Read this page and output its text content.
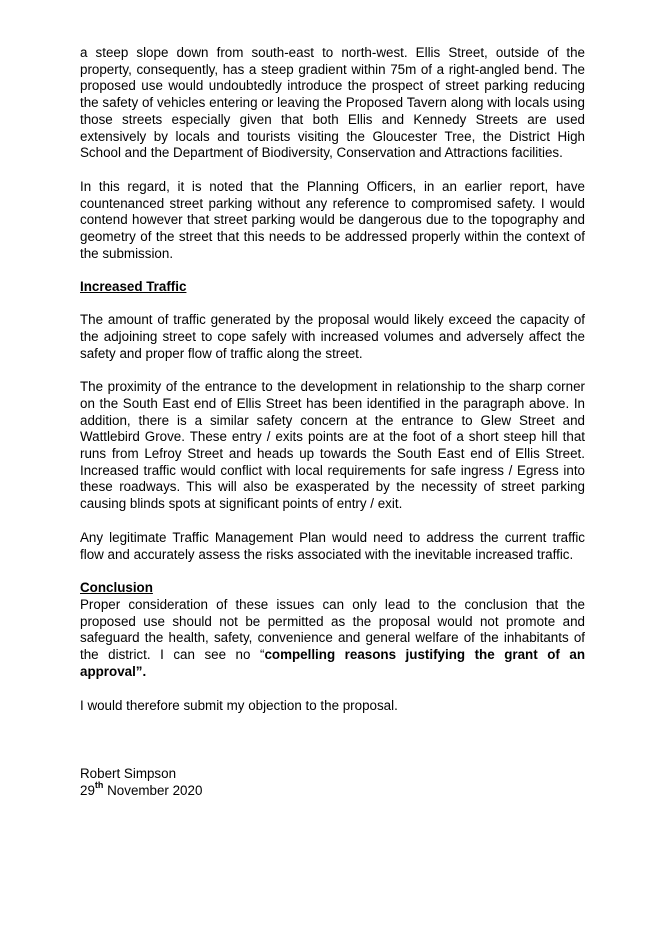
a steep slope down from south-east to north-west. Ellis Street, outside of the property, consequently, has a steep gradient within 75m of a right-angled bend. The proposed use would undoubtedly introduce the prospect of street parking reducing the safety of vehicles entering or leaving the Proposed Tavern along with locals using those streets especially given that both Ellis and Kennedy Streets are used extensively by locals and tourists visiting the Gloucester Tree, the District High School and the Department of Biodiversity, Conservation and Attractions facilities.

In this regard, it is noted that the Planning Officers, in an earlier report, have countenanced street parking without any reference to compromised safety. I would contend however that street parking would be dangerous due to the topography and geometry of the street that this needs to be addressed properly within the context of the submission.

Increased Traffic

The amount of traffic generated by the proposal would likely exceed the capacity of the adjoining street to cope safely with increased volumes and adversely affect the safety and proper flow of traffic along the street.

The proximity of the entrance to the development in relationship to the sharp corner on the South East end of Ellis Street has been identified in the paragraph above. In addition, there is a similar safety concern at the entrance to Glew Street and Wattlebird Grove. These entry / exits points are at the foot of a short steep hill that runs from Lefroy Street and heads up towards the South East end of Ellis Street. Increased traffic would conflict with local requirements for safe ingress / Egress into these roadways. This will also be exasperated by the necessity of street parking causing blinds spots at significant points of entry / exit.

Any legitimate Traffic Management Plan would need to address the current traffic flow and accurately assess the risks associated with the inevitable increased traffic.

Conclusion

Proper consideration of these issues can only lead to the conclusion that the proposed use should not be permitted as the proposal would not promote and safeguard the health, safety, convenience and general welfare of the inhabitants of the district. I can see no “compelling reasons justifying the grant of an approval”.

I would therefore submit my objection to the proposal.

Robert Simpson
29th November 2020
